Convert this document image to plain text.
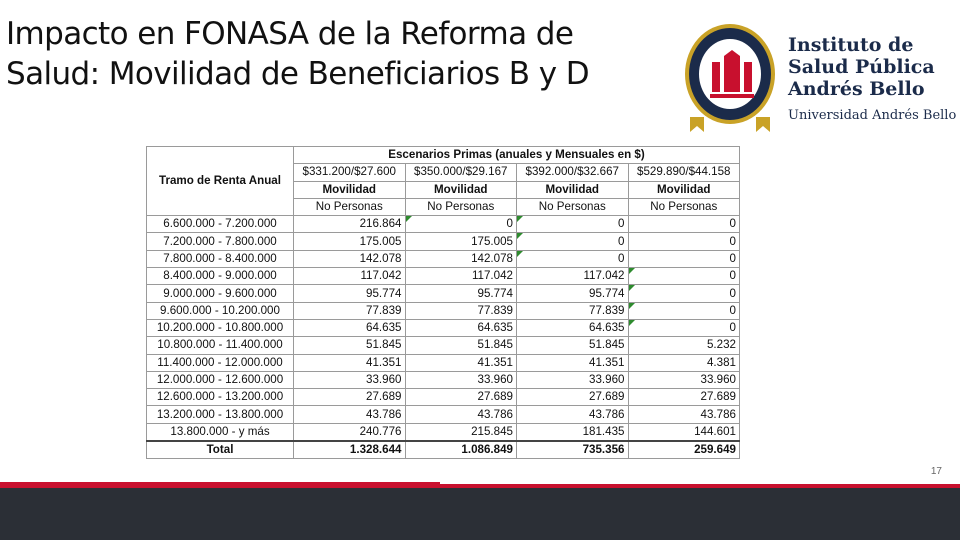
Impacto en FONASA de la Reforma de Salud: Movilidad de Beneficiarios B y D
Instituto de
Salud Pública
Andrés Bello
Universidad Andrés Bello
Tramo de Renta Anual	Escenarios Primas (anuales y Mensuales en $)			
	$331.200/$27.600	$350.000/$29.167	$392.000/$32.667	$529.890/$44.158
	Movilidad	Movilidad	Movilidad	Movilidad
	No Personas	No Personas	No Personas	No Personas
6.600.000 - 7.200.000	216.864	0	0	0
7.200.000 - 7.800.000	175.005	175.005	0	0
7.800.000 - 8.400.000	142.078	142.078	0	0
8.400.000 - 9.000.000	117.042	117.042	117.042	0
9.000.000 - 9.600.000	95.774	95.774	95.774	0
9.600.000 - 10.200.000	77.839	77.839	77.839	0
10.200.000 - 10.800.000	64.635	64.635	64.635	0
10.800.000 - 11.400.000	51.845	51.845	51.845	5.232
11.400.000 - 12.000.000	41.351	41.351	41.351	4.381
12.000.000 - 12.600.000	33.960	33.960	33.960	33.960
12.600.000 - 13.200.000	27.689	27.689	27.689	27.689
13.200.000 - 13.800.000	43.786	43.786	43.786	43.786
13.800.000 - y más	240.776	215.845	181.435	144.601
Total	1.328.644	1.086.849	735.356	259.649
17
